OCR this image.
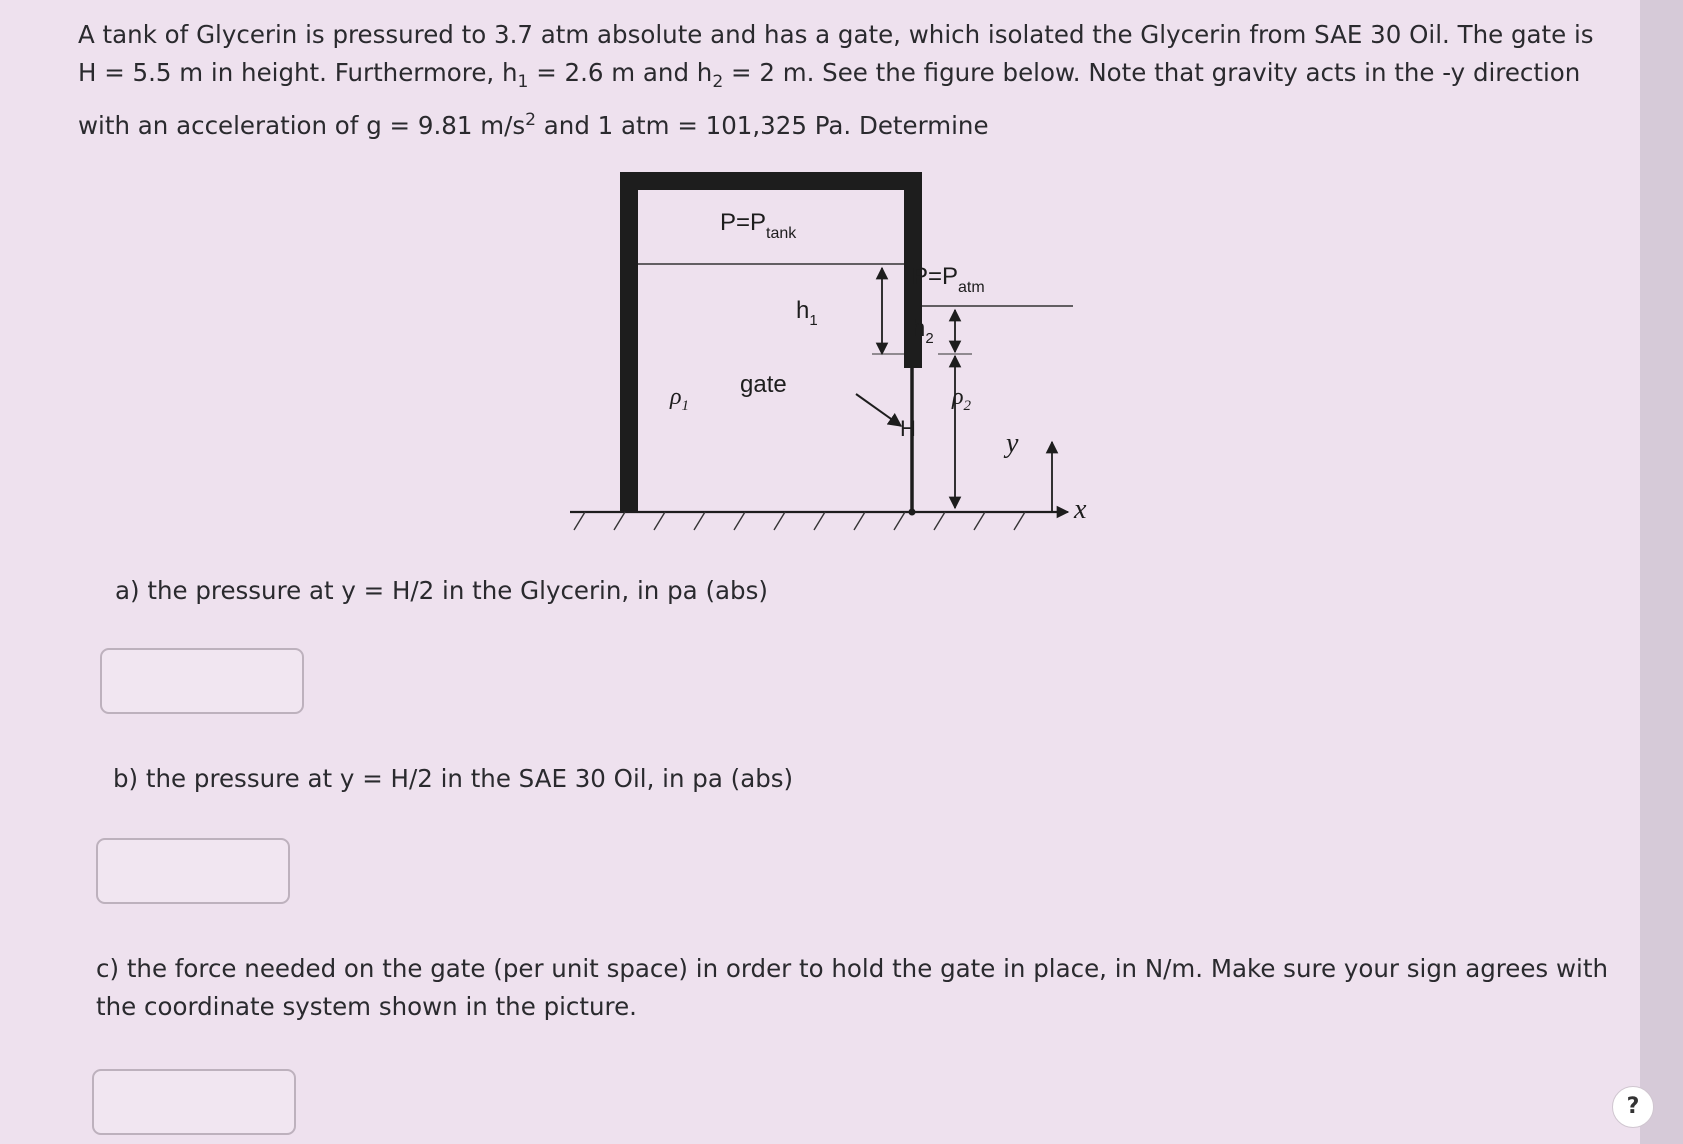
A tank of Glycerin is pressured to 3.7 atm absolute and has a gate, which isolated the Glycerin from SAE 30 Oil. The gate is H = 5.5 m in height. Furthermore, $h_1 = 2.6$ m and $h_2 = 2$ m. See the figure below. Note that gravity acts in the -y direction with an acceleration of g = 9.81 $m/s^2$ and 1 atm = 101,325 Pa. Determine
$P=P_{tank}$
$h_1$
$P=P_{atm}$
$h_2$
$\rho_1$
gate	$\rho_2$
H	y
x
a) the pressure at y = H/2 in the Glycerin, in pa (abs)
b) the pressure at y = H/2 in the SAE 30 Oil, in pa (abs)
c) the force needed on the gate (per unit space) in order to hold the gate in place, in N/m. Make sure your sign agrees with the coordinate system shown in the picture.
?
